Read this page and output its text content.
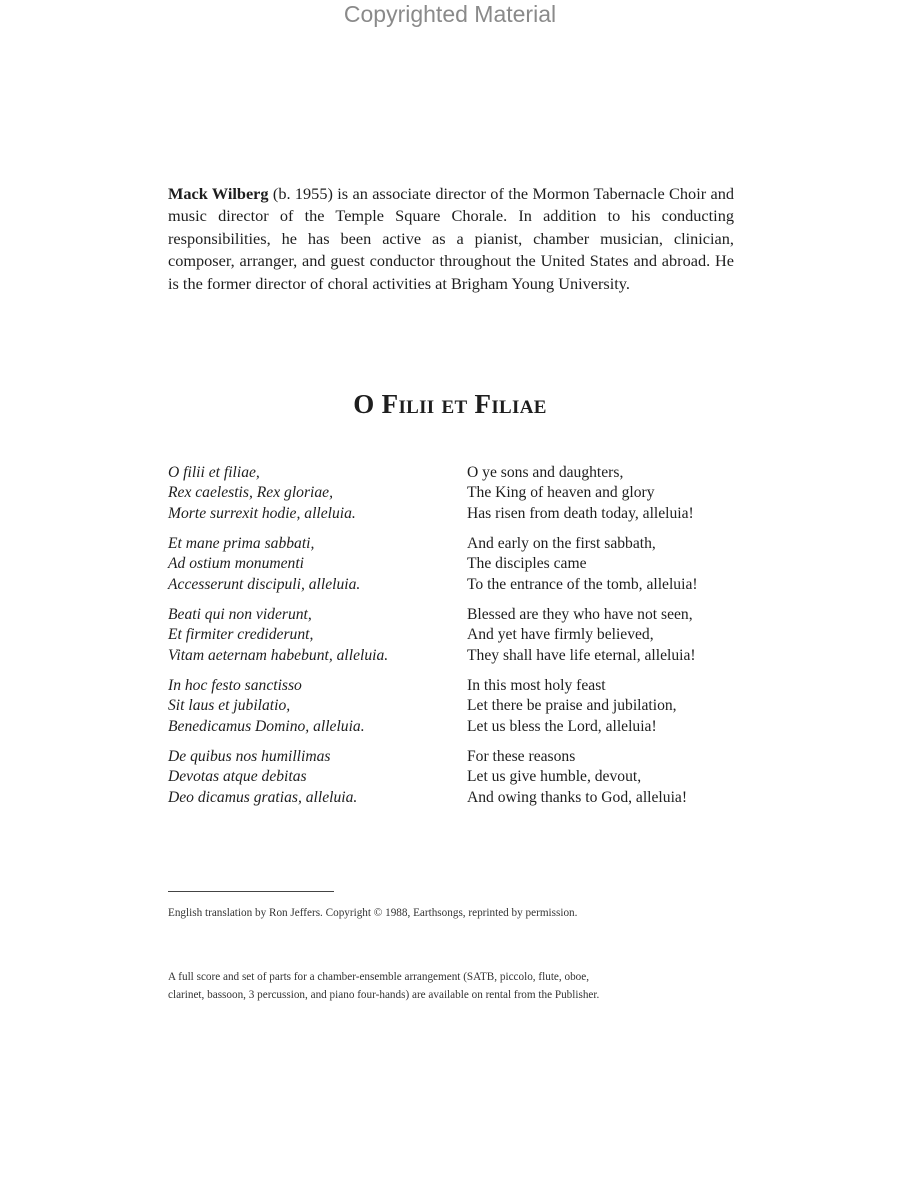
Copyrighted Material
Mack Wilberg (b. 1955) is an associate director of the Mormon Tabernacle Choir and music director of the Temple Square Chorale. In addition to his conducting responsibilities, he has been active as a pianist, chamber musician, clinician, composer, arranger, and guest conductor throughout the United States and abroad. He is the former director of choral activities at Brigham Young University.
O Filii et Filiae
O filii et filiae,
Rex caelestis, Rex gloriae,
Morte surrexit hodie, alleluia.
O ye sons and daughters,
The King of heaven and glory
Has risen from death today, alleluia!
Et mane prima sabbati,
Ad ostium monumenti
Accesserunt discipuli, alleluia.
And early on the first sabbath,
The disciples came
To the entrance of the tomb, alleluia!
Beati qui non viderunt,
Et firmiter crediderunt,
Vitam aeternam habebunt, alleluia.
Blessed are they who have not seen,
And yet have firmly believed,
They shall have life eternal, alleluia!
In hoc festo sanctisso
Sit laus et jubilatio,
Benedicamus Domino, alleluia.
In this most holy feast
Let there be praise and jubilation,
Let us bless the Lord, alleluia!
De quibus nos humillimas
Devotas atque debitas
Deo dicamus gratias, alleluia.
For these reasons
Let us give humble, devout,
And owing thanks to God, alleluia!
English translation by Ron Jeffers. Copyright © 1988, Earthsongs, reprinted by permission.
A full score and set of parts for a chamber-ensemble arrangement (SATB, piccolo, flute, oboe,
clarinet, bassoon, 3 percussion, and piano four-hands) are available on rental from the Publisher.
